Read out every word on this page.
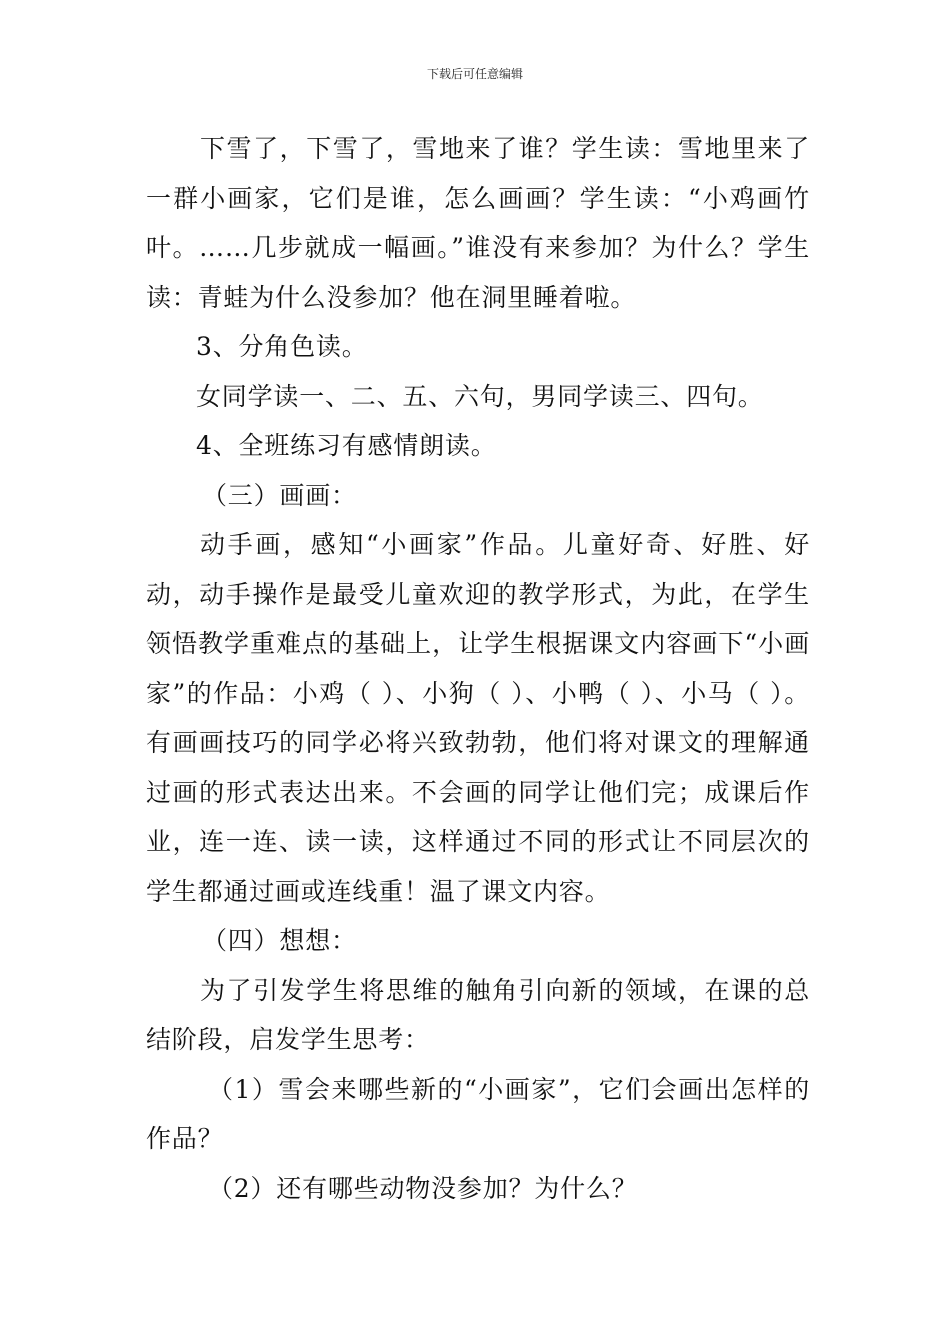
下载后可任意编辑

下雪了，下雪了，雪地来了谁？学生读：雪地里来了一群小画家，它们是谁，怎么画画？学生读：“小鸡画竹叶。……几步就成一幅画。”谁没有来参加？为什么？学生读：青蛙为什么没参加？他在洞里睡着啦。

3、分角色读。

女同学读一、二、五、六句，男同学读三、四句。

4、全班练习有感情朗读。

（三）画画：

动手画，感知“小画家”作品。儿童好奇、好胜、好动，动手操作是最受儿童欢迎的教学形式，为此，在学生领悟教学重难点的基础上，让学生根据课文内容画下“小画家”的作品：小鸡（ ）、小狗（ ）、小鸭（ ）、小马（ ）。有画画技巧的同学必将兴致勃勃，他们将对课文的理解通过画的形式表达出来。不会画的同学让他们完；成课后作业，连一连、读一读，这样通过不同的形式让不同层次的学生都通过画或连线重！温了课文内容。

（四）想想：

为了引发学生将思维的触角引向新的领域，在课的总结阶段，启发学生思考：

（1）雪会来哪些新的“小画家”，它们会画出怎样的作品？

（2）还有哪些动物没参加？为什么？
